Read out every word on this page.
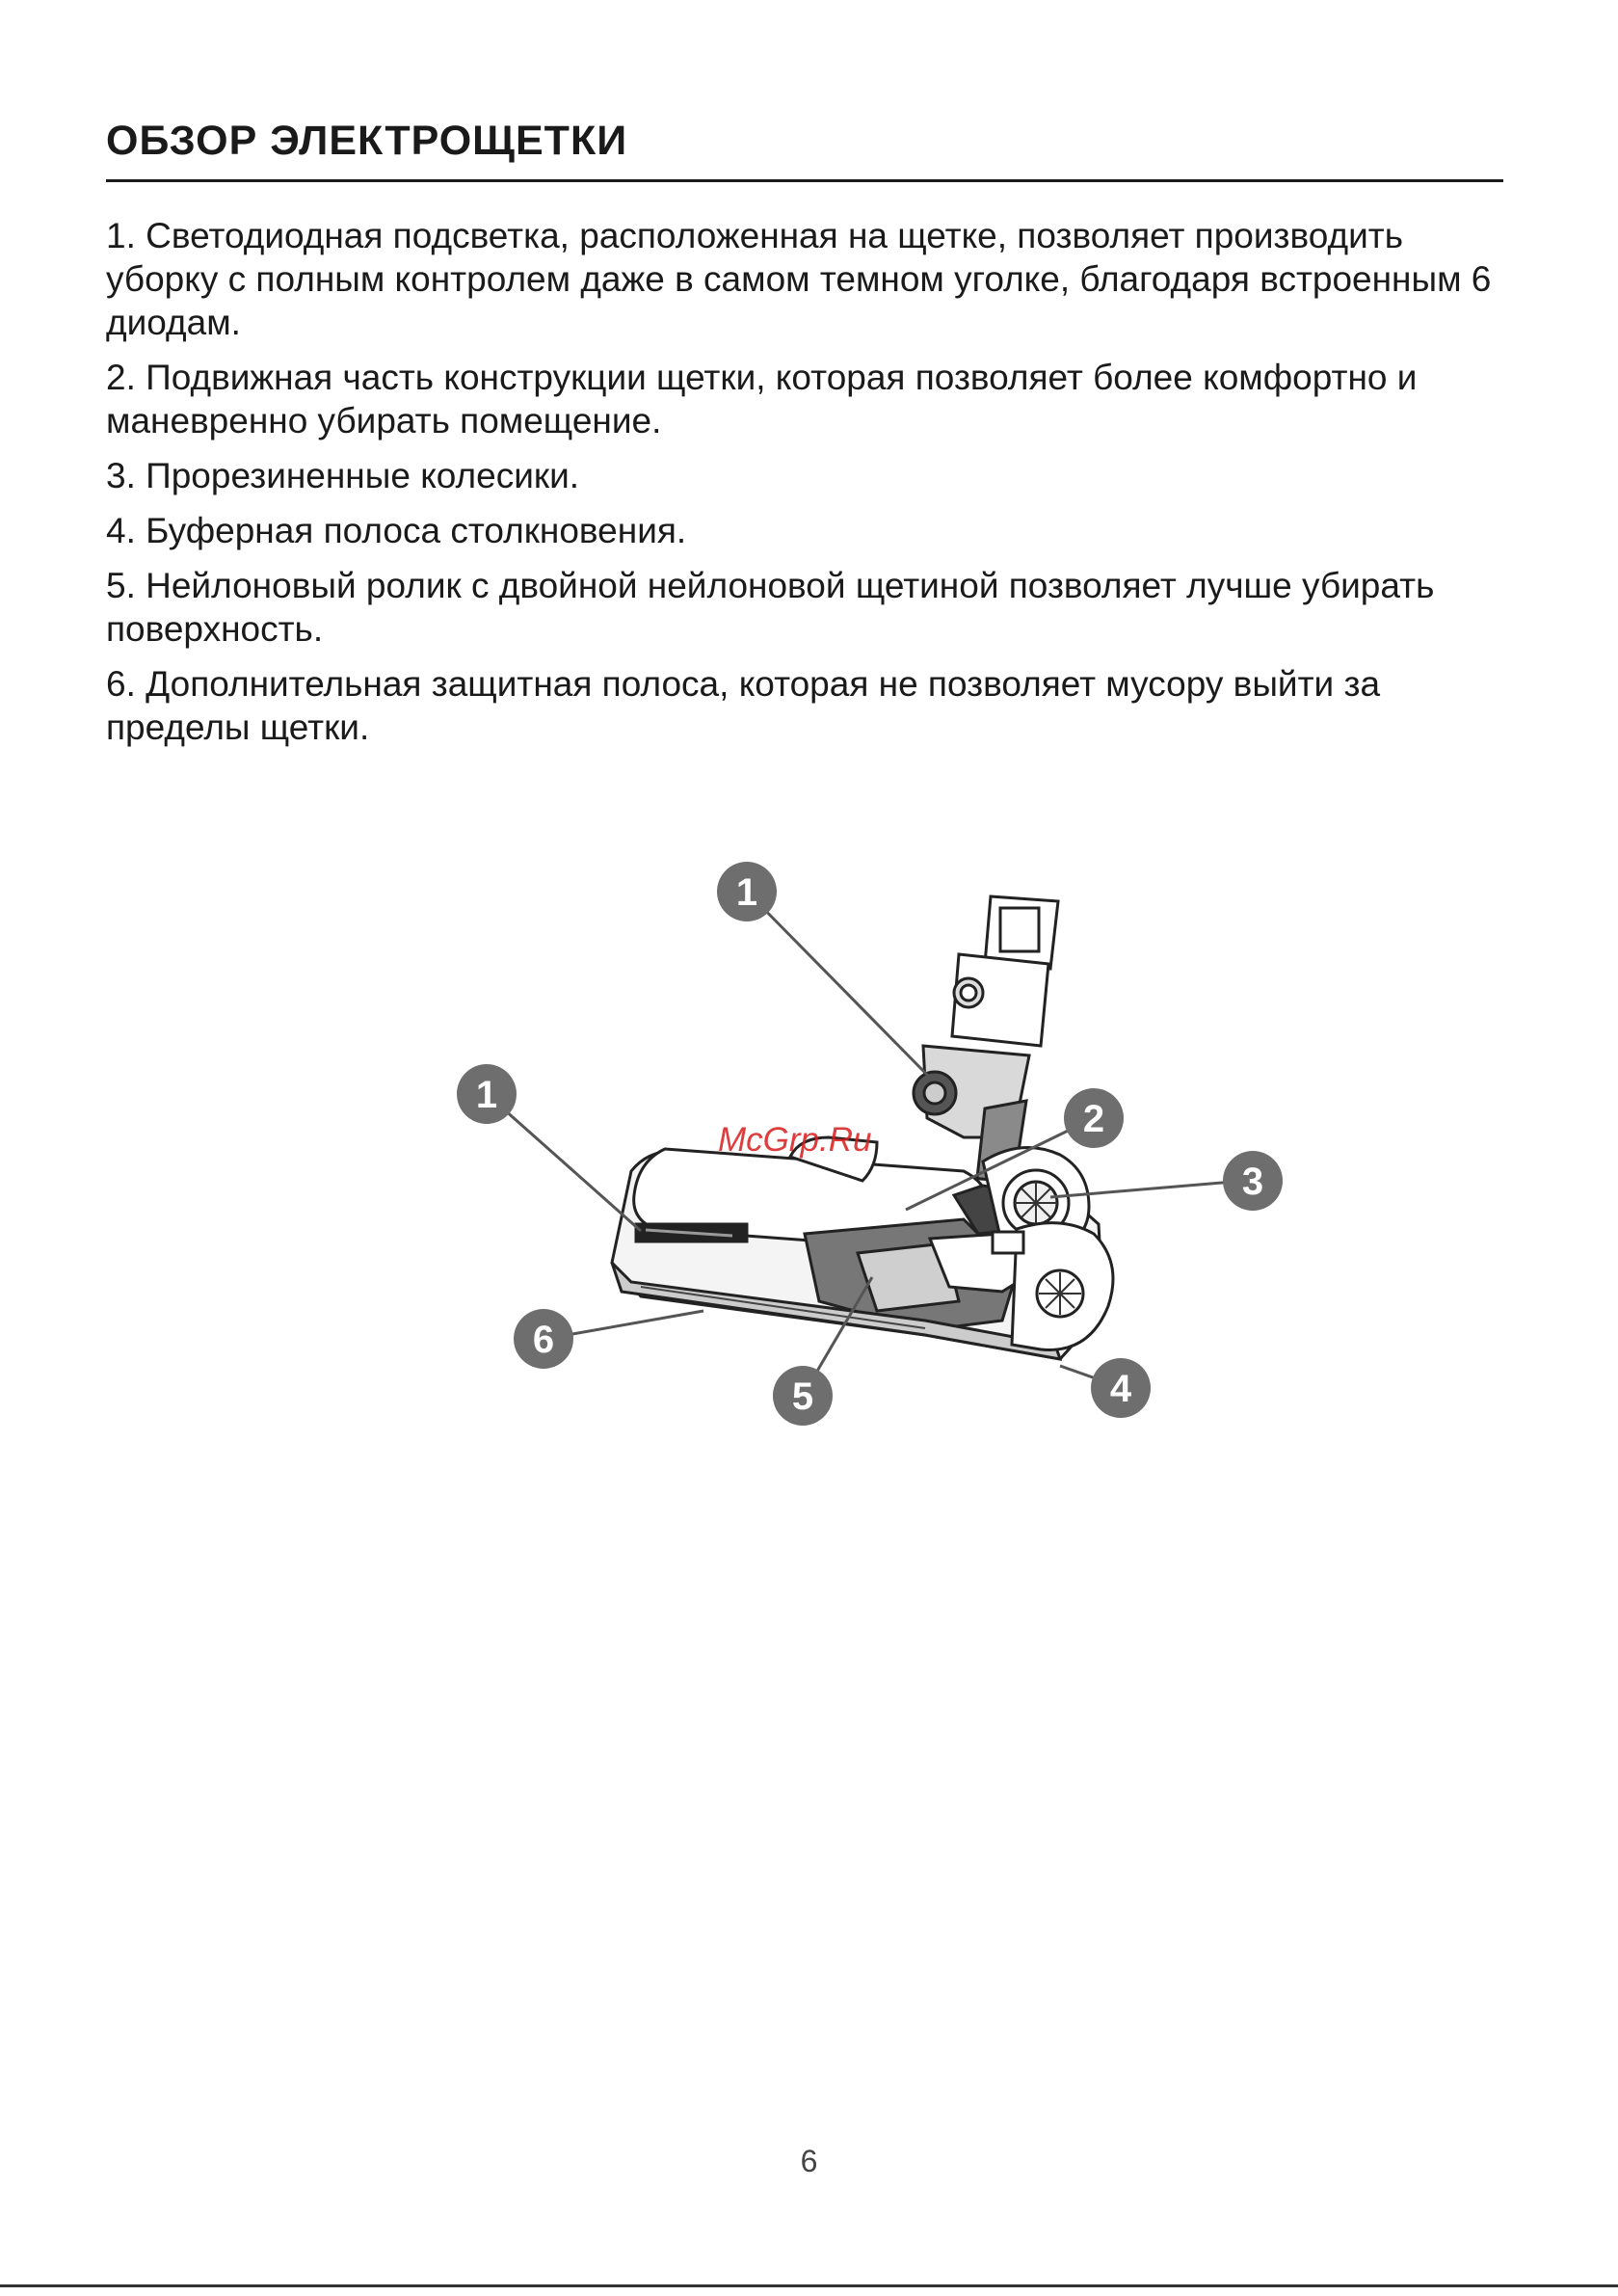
ОБЗОР ЭЛЕКТРОЩЕТКИ

1. Светодиодная подсветка, расположенная на щетке, позволяет производить уборку с полным контролем даже в самом темном уголке, благодаря встроенным 6 диодам.

2. Подвижная часть конструкции щетки, которая позволяет более комфортно и маневренно убирать помещение.

3. Прорезиненные колесики.

4. Буферная полоса столкновения.

5. Нейлоновый ролик с двойной нейлоновой щетиной позволяет лучше убирать поверхность.

6. Дополнительная защитная полоса, которая не позволяет мусору выйти за пределы щетки.

1
1
2
3
6
5	4
McGrp.Ru
6
